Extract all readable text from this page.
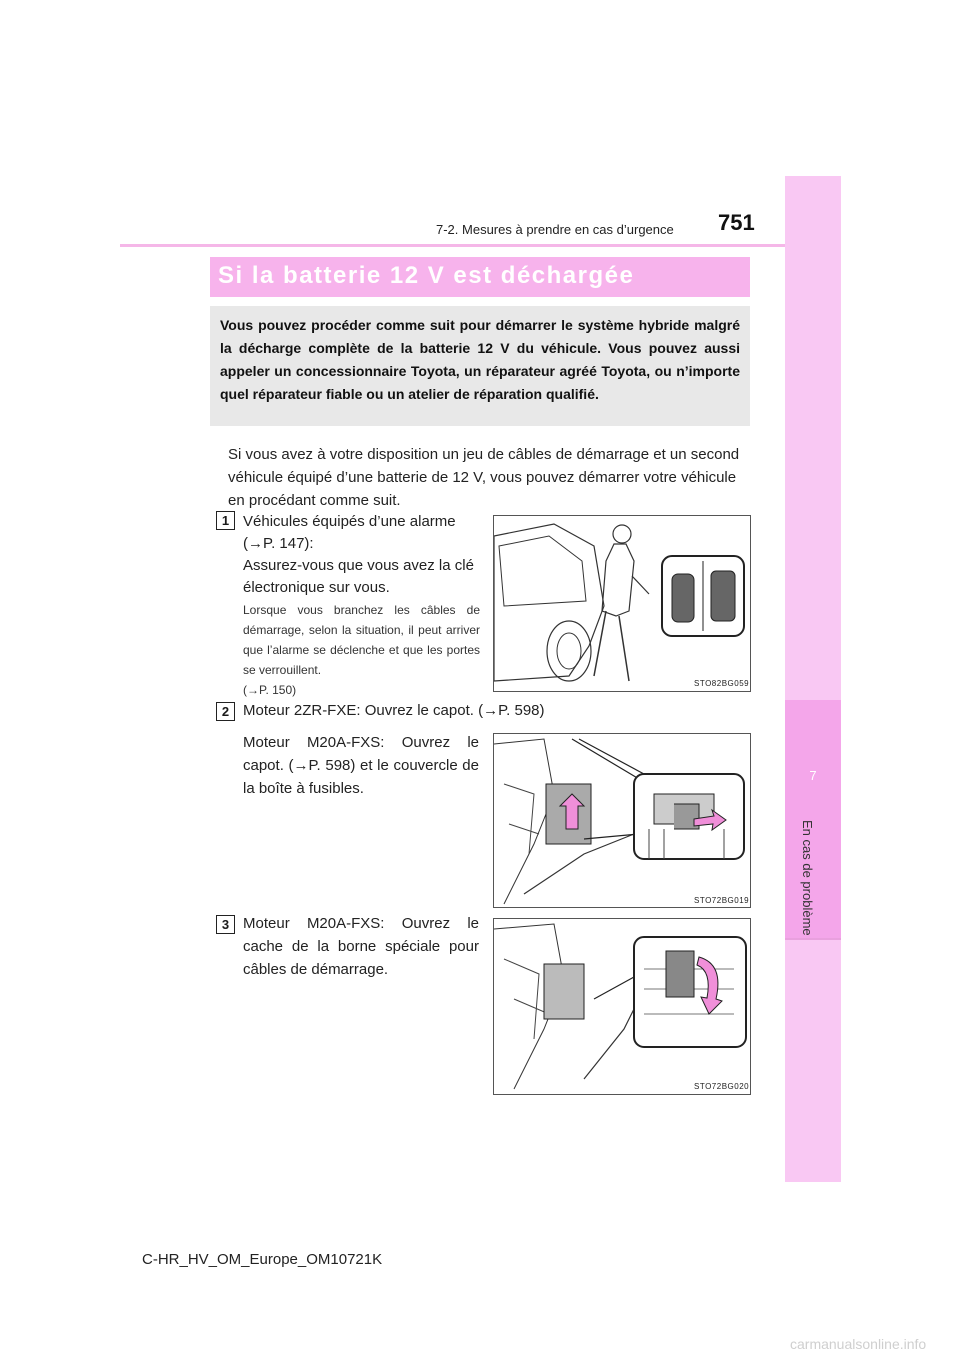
7-2. Mesures à prendre en cas d’urgence 751
7
En cas de problème
Si la batterie 12 V est déchargée

Vous pouvez procéder comme suit pour démarrer le système hybride malgré la décharge complète de la batterie 12 V du véhicule. Vous pouvez aussi appeler un concessionnaire Toyota, un réparateur agréé Toyota, ou n’importe quel réparateur fiable ou un atelier de réparation qualifié.

Si vous avez à votre disposition un jeu de câbles de démarrage et un second véhicule équipé d’une batterie de 12 V, vous pouvez démarrer votre véhicule en procédant comme suit.
1 Véhicules équipés d’une alarme
(→P. 147):
Assurez-vous que vous avez la clé
électronique sur vous.
Lorsque vous branchez les câbles de démarrage, selon la situation, il peut arriver que l’alarme se déclenche et que les portes se verrouillent.
(→P. 150)	STO82BG059
2 Moteur 2ZR-FXE: Ouvrez le capot. (→P. 598)
Moteur M20A-FXS: Ouvrez le capot. (→P. 598) et le couvercle de la boîte à fusibles.
STO72BG019
3 Moteur M20A-FXS: Ouvrez le cache de la borne spéciale pour câbles de démarrage.
STO72BG020
C-HR_HV_OM_Europe_OM10721K
carmanualsonline.info
